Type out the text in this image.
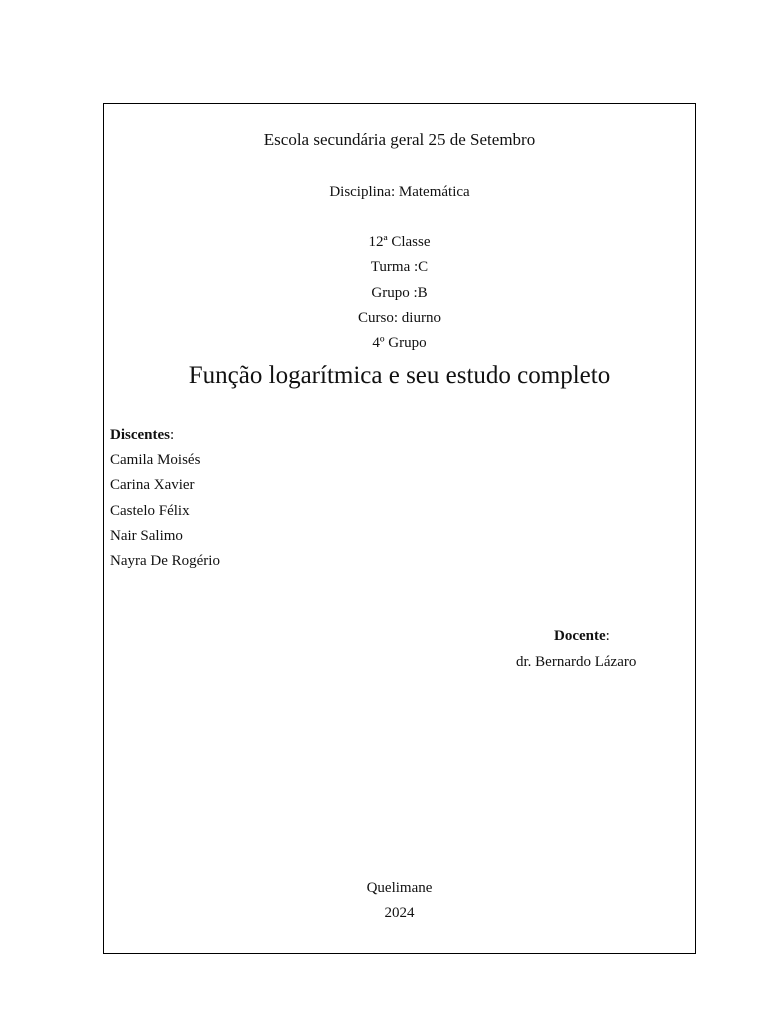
Escola secundária geral 25 de Setembro
Disciplina: Matemática
12ª Classe
Turma :C
Grupo :B
Curso: diurno
4º Grupo
Função logarítmica e seu estudo completo
Discentes:
Camila Moisés
Carina Xavier
Castelo Félix
Nair Salimo
Nayra De Rogério
Docente:
dr. Bernardo Lázaro
Quelimane
2024
